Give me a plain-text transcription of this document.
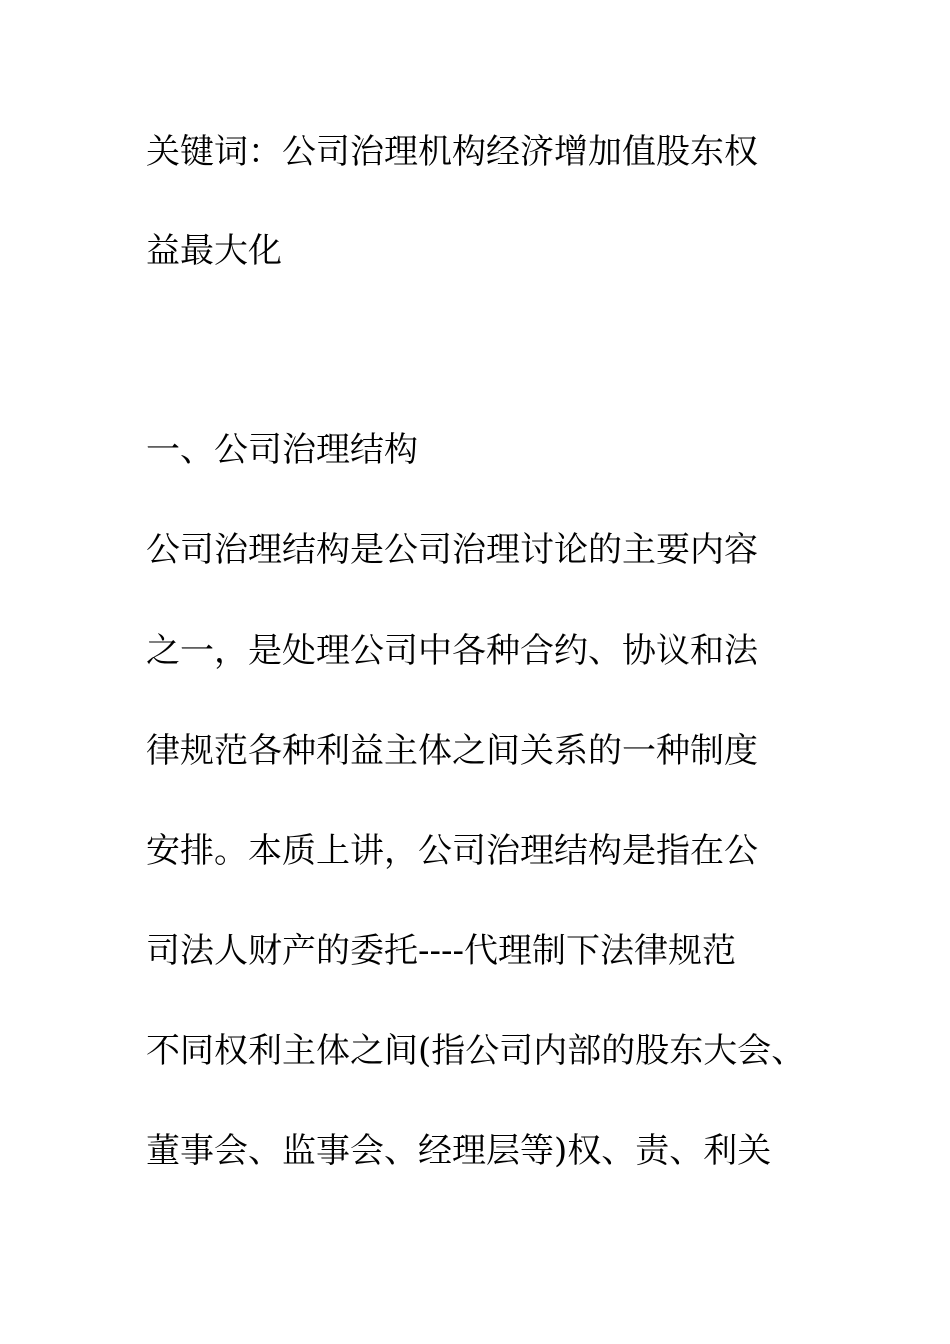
关键词：公司治理机构经济增加值股东权
益最大化
一、公司治理结构
公司治理结构是公司治理讨论的主要内容
之一，是处理公司中各种合约、协议和法
律规范各种利益主体之间关系的一种制度
安排。本质上讲，公司治理结构是指在公
司法人财产的委托----代理制下法律规范
不同权利主体之间(指公司内部的股东大会、
董事会、监事会、经理层等)权、责、利关
